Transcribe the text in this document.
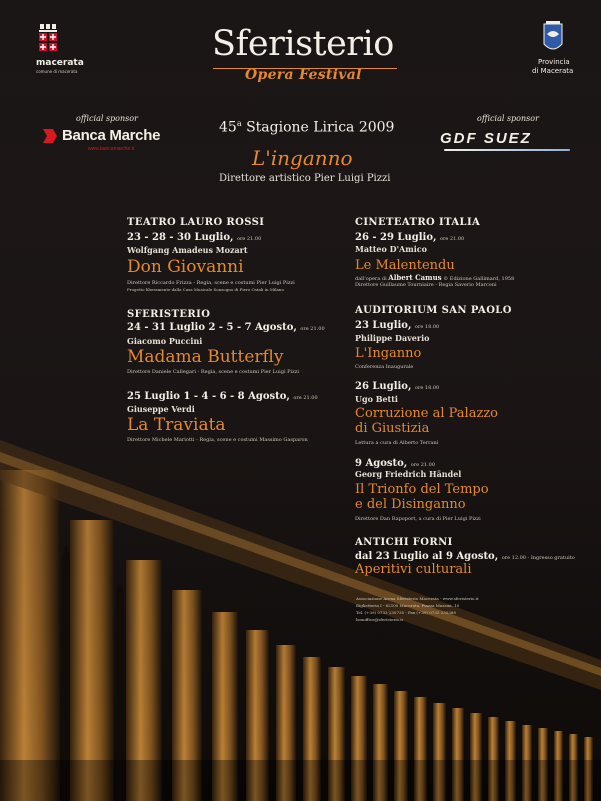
macerata
comune di macerata
Sferisterio
Opera Festival
Provincia
di Macerata
official sponsor
Banca Marche
www.bancamarche.it
official sponsor
GDF SUEZ
45$^a$ Stagione Lirica 2009
L'inganno
Direttore artistico Pier Luigi Pizzi
TEATRO LAURO ROSSI
23 - 28 - 30 Luglio, ore 21.00
Wolfgang Amadeus Mozart
Don Giovanni
Direttore Riccardo Frizza - Regia, scene e costumi Pier Luigi Pizzi
Progetto liberamente dalla Casa Musicale Sonzogno di Piero Ostali in Milano
SFERISTERIO
24 - 31 Luglio 2 - 5 - 7 Agosto, ore 21.00
Giacomo Puccini
Madama Butterfly
Direttore Daniele Callegari - Regia, scene e costumi Pier Luigi Pizzi
25 Luglio 1 - 4 - 6 - 8 Agosto, ore 21.00
Giuseppe Verdi
La Traviata
Direttore Michele Mariotti - Regia, scene e costumi Massimo Gasparon
CINETEATRO ITALIA
26 - 29 Luglio, ore 21.00
Matteo D'Amico
Le Malentendu
dall'opera di Albert Camus © Edizione Gallimard, 1958
Direttore Guillaume Tourniaire - Regia Saverio Marconi
AUDITORIUM SAN PAOLO
23 Luglio, ore 18.00
Philippe Daverio
L'Inganno
Conferenza Inaugurale
26 Luglio, ore 18.00
Ugo Betti
Corruzione al Palazzo
di Giustizia
Lettura a cura di Alberto Terrani
9 Agosto, ore 21.00
Georg Friedrich Händel
Il Trionfo del Tempo
e del Disinganno
Direttore Dan Rapoport, a cura di Pier Luigi Pizzi
ANTICHI FORNI
dal 23 Luglio al 9 Agosto, ore 12.00 - Ingresso gratuito
Aperitivi culturali
Associazione Arena Sferisterio Macerata - www.sferisterio.it
Biglietteria I - 62100 Macerata, Piazza Mazzini, 10
Tel. (+39) 0733 230735 - Fax (+39) 0733 235388
boxoffice@sferisterio.it
